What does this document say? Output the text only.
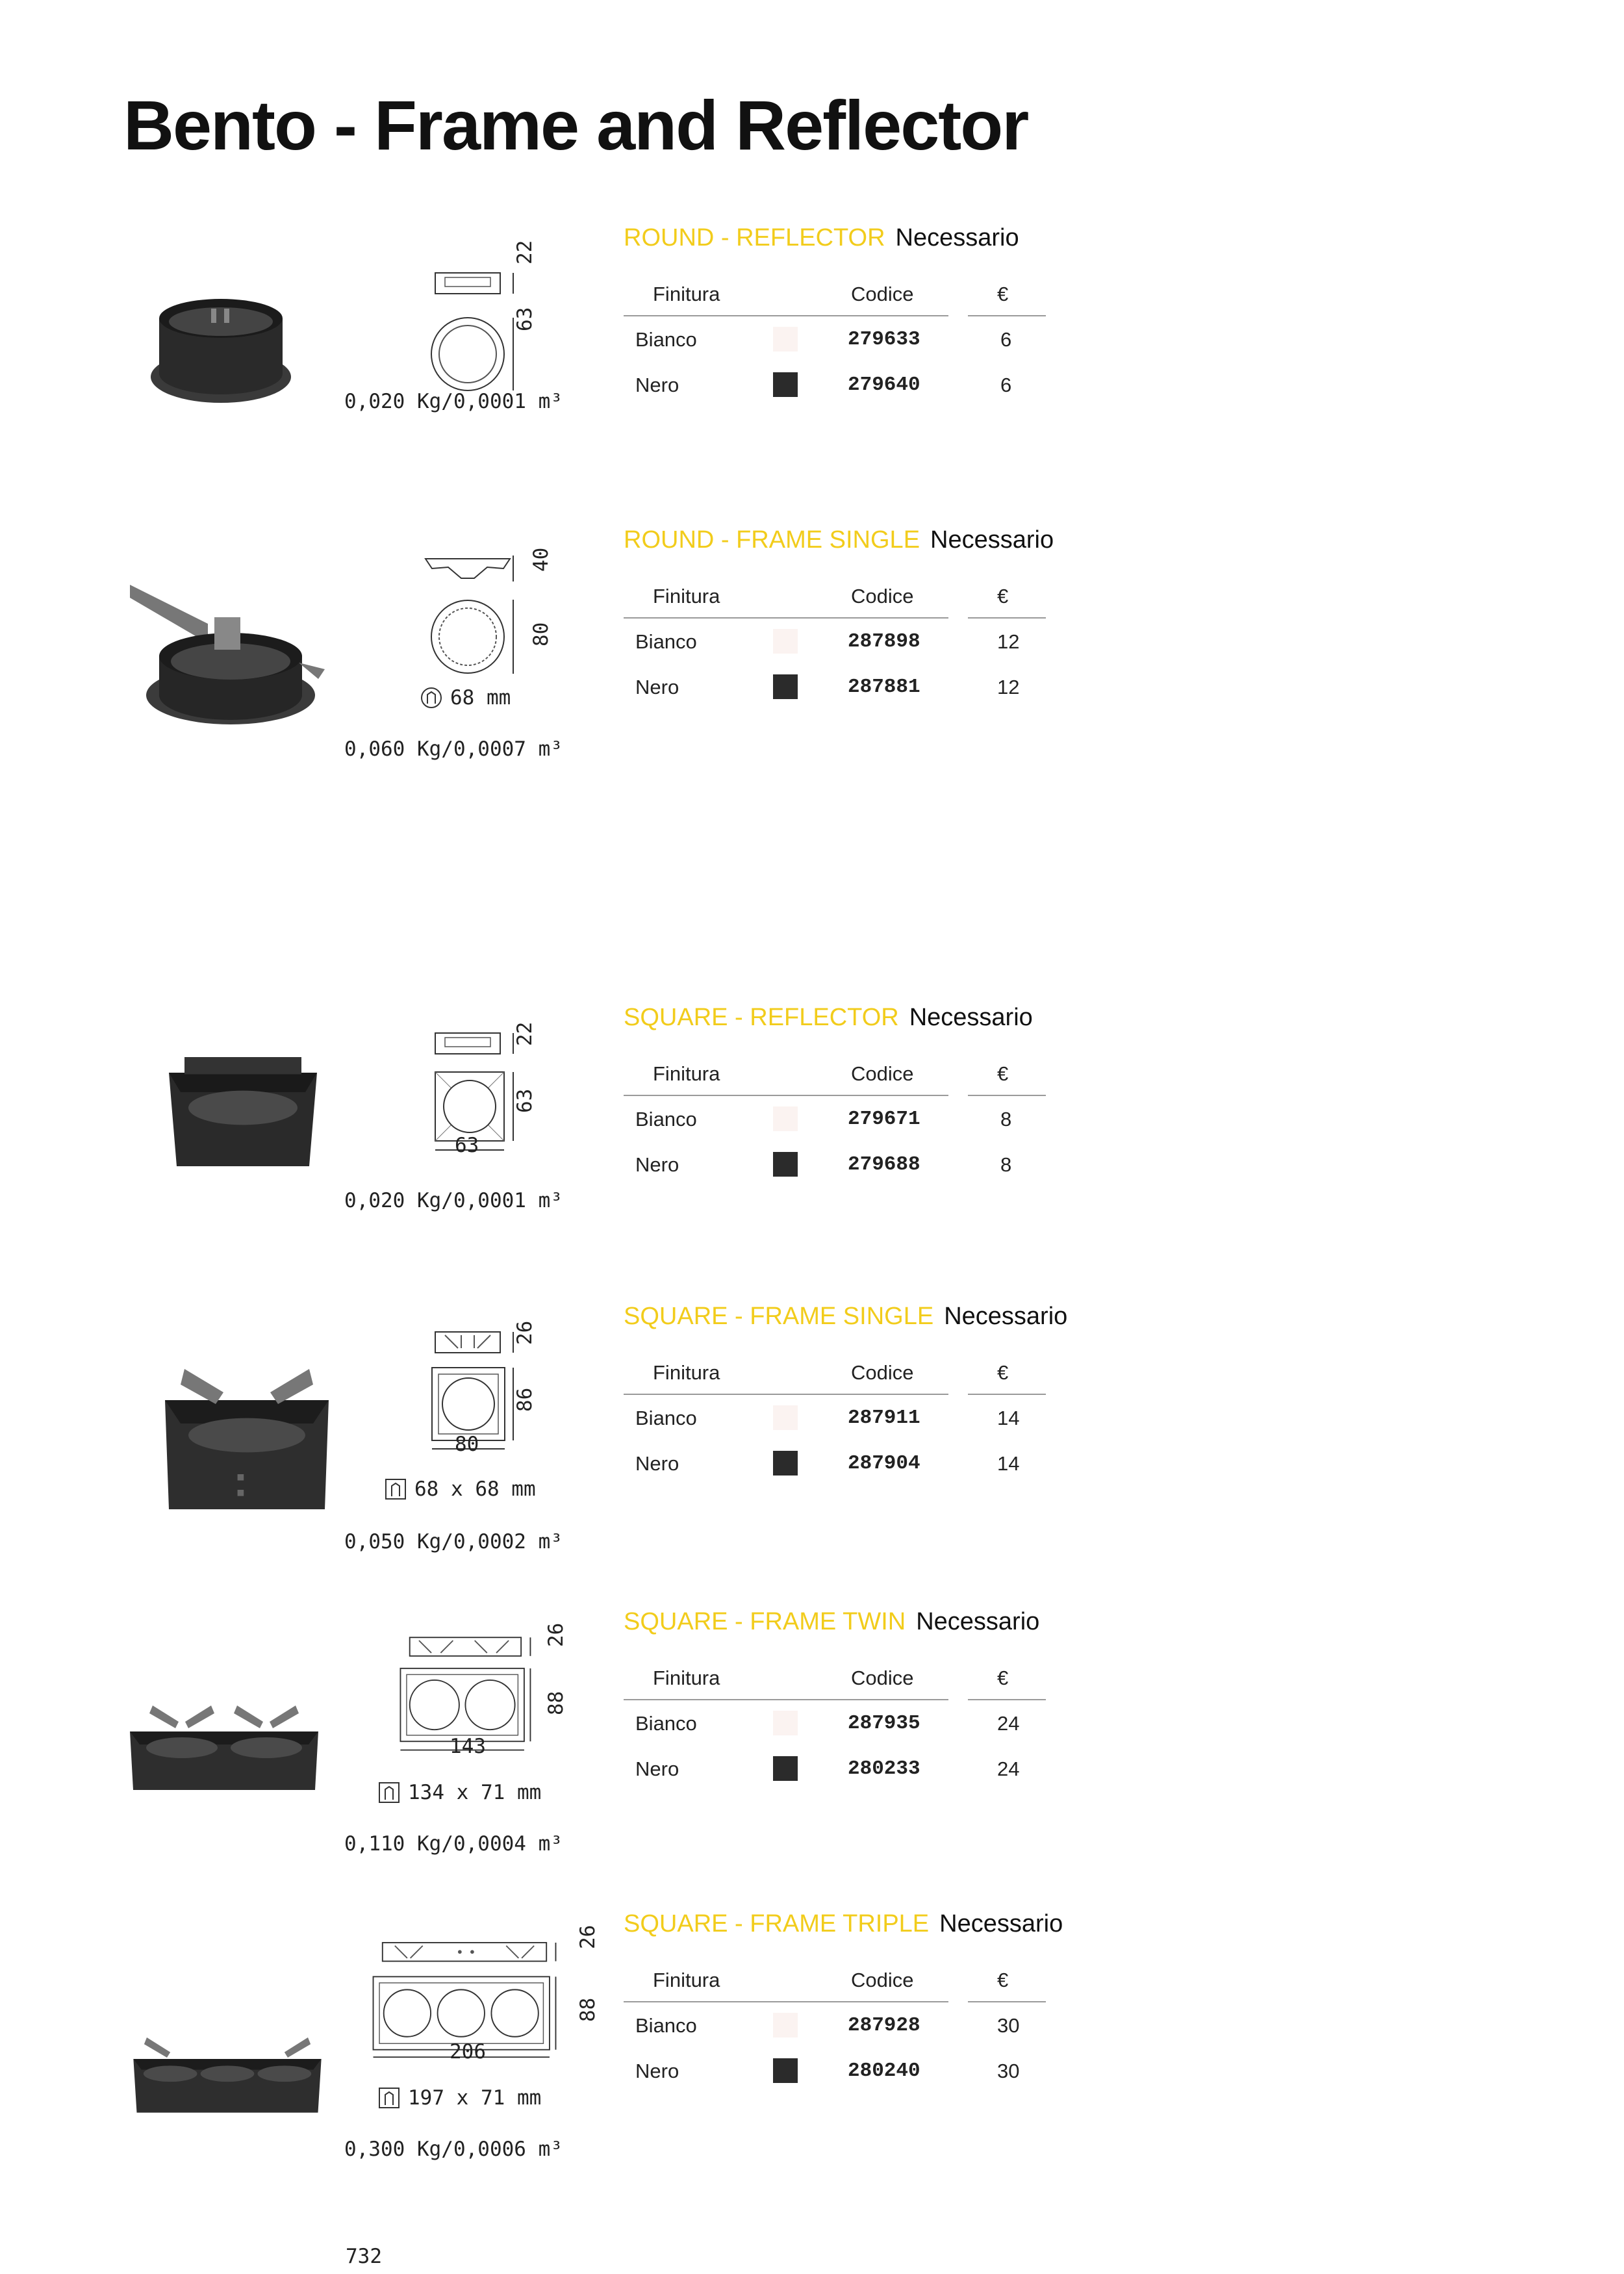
Bento - Frame and Reflector
22
63
0,020 Kg/0,0001 m³
ROUND - REFLECTOR Necessario
Finitura	Codice	€
Bianco	279633	6
Nero	279640	6
40
80
68 mm
0,060 Kg/0,0007 m³
ROUND - FRAME SINGLE Necessario
Finitura	Codice	€
Bianco	287898	12
Nero	287881	12
22
63
63
0,020 Kg/0,0001 m³
SQUARE - REFLECTOR Necessario
Finitura	Codice	€
Bianco	279671	8
Nero	279688	8
26
86
80
68 x 68 mm
0,050 Kg/0,0002 m³
SQUARE - FRAME SINGLE Necessario
Finitura	Codice	€
Bianco	287911	14
Nero	287904	14
26
88
143
134 x 71 mm
0,110 Kg/0,0004 m³
SQUARE - FRAME TWIN Necessario
Finitura	Codice	€
Bianco	287935	24
Nero	280233	24
26
88
206
197 x 71 mm
0,300 Kg/0,0006 m³
SQUARE - FRAME TRIPLE Necessario
Finitura	Codice	€
Bianco	287928	30
Nero	280240	30
732
